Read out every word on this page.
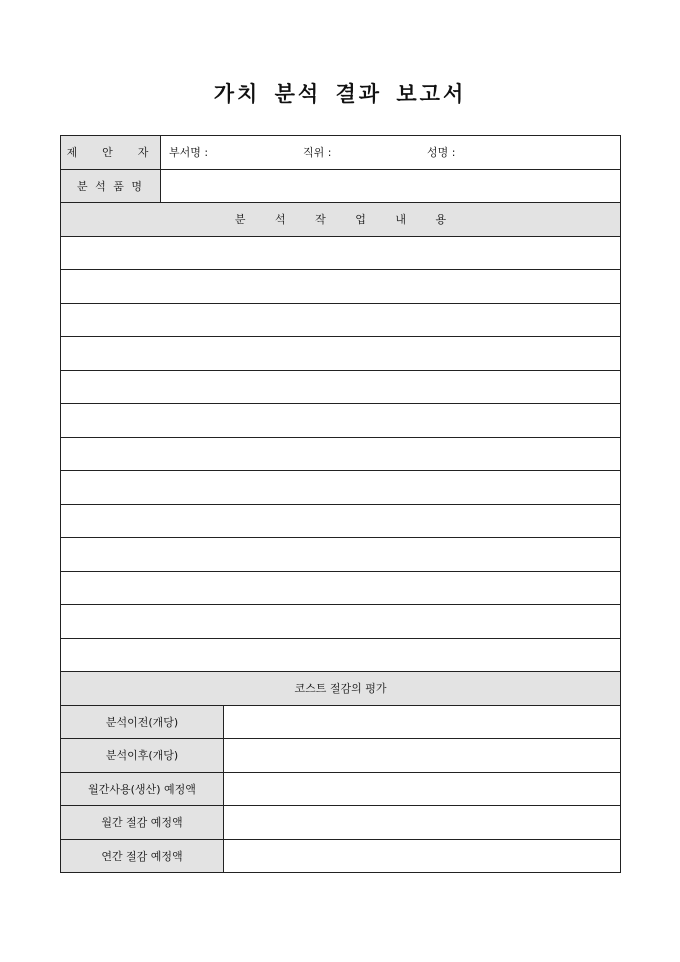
가치 분석 결과 보고서
제  안  자	부서명 : 직위 : 성명 :	

분 석 품 명		
분 석 작 업 내 용		

코스트 절감의 평가		
분석이전(개당)		
분석이후(개당)		
월간사용(생산) 예정액		
월간 절감 예정액		
연간 절감 예정액		
